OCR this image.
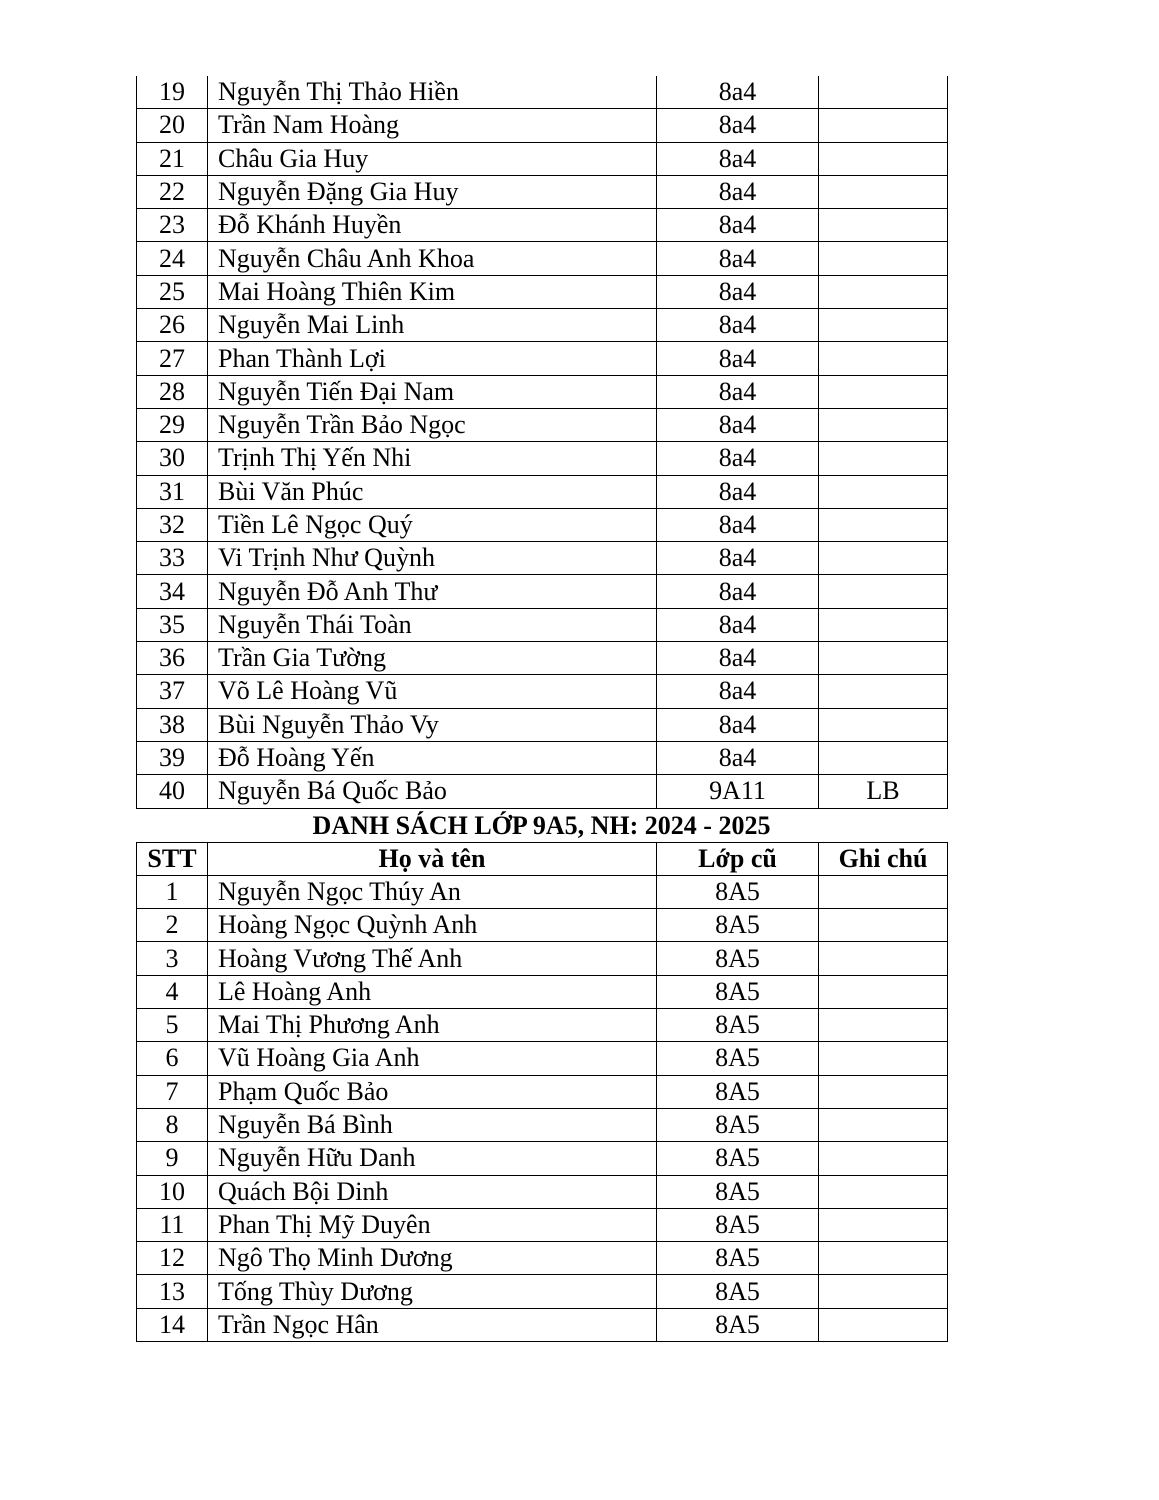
19	Nguyễn Thị Thảo Hiền	8a4	
20	Trần Nam Hoàng	8a4	
21	Châu Gia Huy	8a4	
22	Nguyễn Đặng Gia Huy	8a4	
23	Đỗ Khánh Huyền	8a4	
24	Nguyễn Châu Anh Khoa	8a4	
25	Mai Hoàng Thiên Kim	8a4	
26	Nguyễn Mai Linh	8a4	
27	Phan Thành Lợi	8a4	
28	Nguyễn Tiến Đại Nam	8a4	
29	Nguyễn Trần Bảo Ngọc	8a4	
30	Trịnh Thị Yến Nhi	8a4	
31	Bùi Văn Phúc	8a4	
32	Tiền Lê Ngọc Quý	8a4	
33	Vi Trịnh Như Quỳnh	8a4	
34	Nguyễn Đỗ Anh Thư	8a4	
35	Nguyễn Thái Toàn	8a4	
36	Trần Gia Tường	8a4	
37	Võ Lê Hoàng Vũ	8a4	
38	Bùi Nguyễn Thảo Vy	8a4	
39	Đỗ Hoàng Yến	8a4	
40	Nguyễn Bá Quốc Bảo	9A11	LB
DANH SÁCH LỚP 9A5, NH: 2024 - 2025
STT	Họ và tên	Lớp cũ	Ghi chú
1	Nguyễn Ngọc Thúy An	8A5	
2	Hoàng Ngọc Quỳnh Anh	8A5	
3	Hoàng Vương Thế Anh	8A5	
4	Lê Hoàng Anh	8A5	
5	Mai Thị Phương Anh	8A5	
6	Vũ Hoàng Gia Anh	8A5	
7	Phạm Quốc Bảo	8A5	
8	Nguyễn Bá Bình	8A5	
9	Nguyễn Hữu Danh	8A5	
10	Quách Bội Dinh	8A5	
11	Phan Thị Mỹ Duyên	8A5	
12	Ngô Thọ Minh Dương	8A5	
13	Tống Thùy Dương	8A5	
14	Trần Ngọc Hân	8A5	
